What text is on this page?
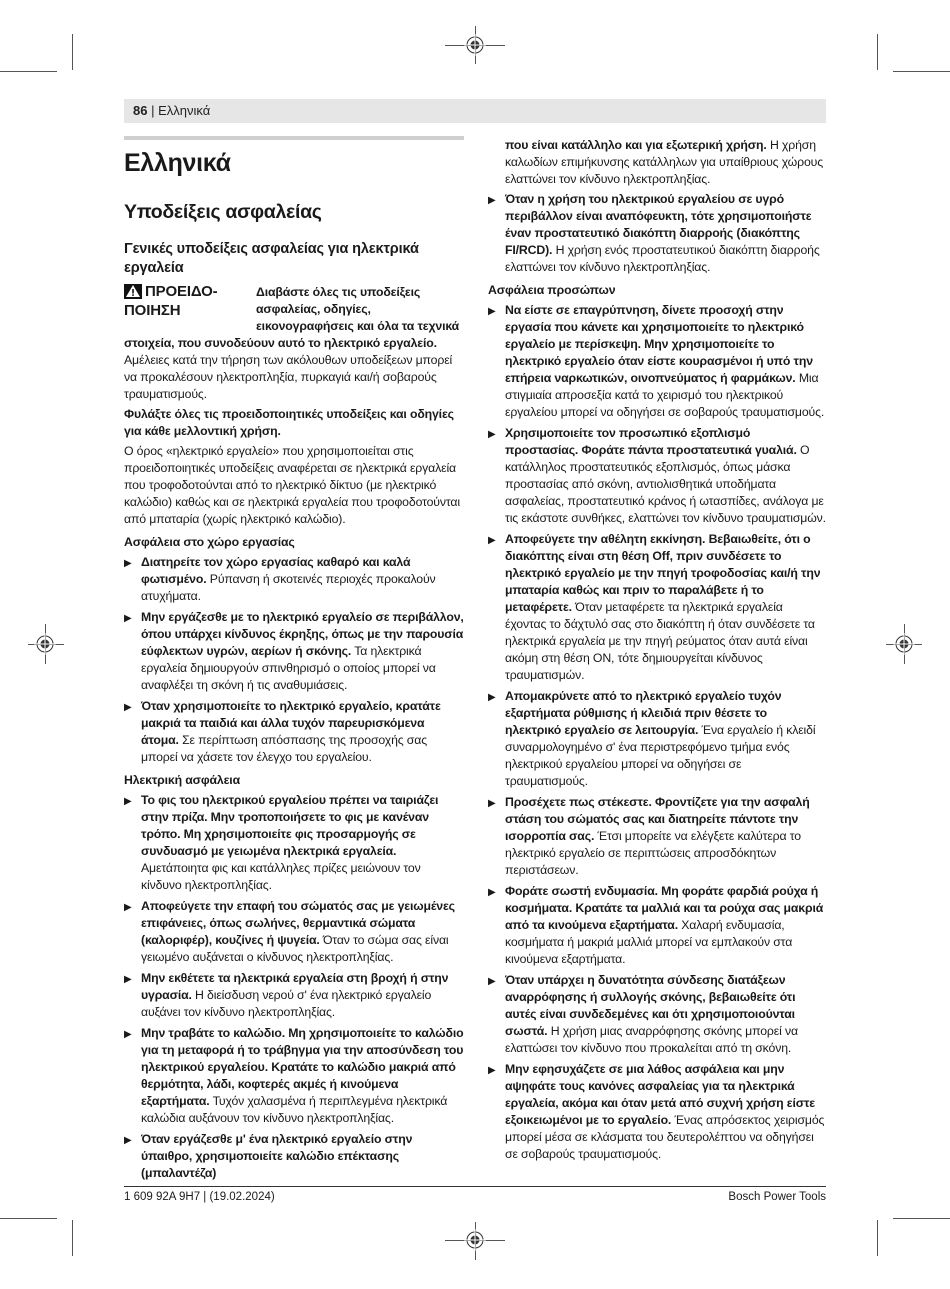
86 | Ελληνικά
Ελληνικά
Υποδείξεις ασφαλείας
Γενικές υποδείξεις ασφαλείας για ηλεκτρικά εργαλεία
ΠΡΟΕΙΔΟ-ΠΟΙΗΣΗ

Διαβάστε όλες τις υποδείξεις ασφαλείας, οδηγίες, εικονογραφήσεις και όλα τα τεχνικά στοιχεία, που συνοδεύουν αυτό το ηλεκτρικό εργαλείο. Αμέλειες κατά την τήρηση των ακόλουθων υποδείξεων μπορεί να προκαλέσουν ηλεκτροπληξία, πυρκαγιά και/ή σοβαρούς τραυματισμούς.

Φυλάξτε όλες τις προειδοποιητικές υποδείξεις και οδηγίες για κάθε μελλοντική χρήση.

Ο όρος «ηλεκτρικό εργαλείο» που χρησιμοποιείται στις προειδοποιητικές υποδείξεις αναφέρεται σε ηλεκτρικά εργαλεία που τροφοδοτούνται από το ηλεκτρικό δίκτυο (με ηλεκτρικό καλώδιο) καθώς και σε ηλεκτρικά εργαλεία που τροφοδοτούνται από μπαταρία (χωρίς ηλεκτρικό καλώδιο).

Ασφάλεια στο χώρο εργασίας
▶ Διατηρείτε τον χώρο εργασίας καθαρό και καλά φωτισμένο. Ρύπανση ή σκοτεινές περιοχές προκαλούν ατυχήματα.
▶ Μην εργάζεσθε με το ηλεκτρικό εργαλείο σε περιβάλλον, όπου υπάρχει κίνδυνος έκρηξης, όπως με την παρουσία εύφλεκτων υγρών, αερίων ή σκόνης. Τα ηλεκτρικά εργαλεία δημιουργούν σπινθηρισμό ο οποίος μπορεί να αναφλέξει τη σκόνη ή τις αναθυμιάσεις.
▶ Όταν χρησιμοποιείτε το ηλεκτρικό εργαλείο, κρατάτε μακριά τα παιδιά και άλλα τυχόν παρευρισκόμενα άτομα. Σε περίπτωση απόσπασης της προσοχής σας μπορεί να χάσετε τον έλεγχο του εργαλείου.
Ηλεκτρική ασφάλεια
▶ Το φις του ηλεκτρικού εργαλείου πρέπει να ταιριάζει στην πρίζα. Μην τροποποιήσετε το φις με κανέναν τρόπο. Μη χρησιμοποιείτε φις προσαρμογής σε συνδυασμό με γειωμένα ηλεκτρικά εργαλεία. Αμετάποιητα φις και κατάλληλες πρίζες μειώνουν τον κίνδυνο ηλεκτροπληξίας.
▶ Αποφεύγετε την επαφή του σώματός σας με γειωμένες επιφάνειες, όπως σωλήνες, θερμαντικά σώματα (καλοριφέρ), κουζίνες ή ψυγεία. Όταν το σώμα σας είναι γειωμένο αυξάνεται ο κίνδυνος ηλεκτροπληξίας.
▶ Μην εκθέτετε τα ηλεκτρικά εργαλεία στη βροχή ή στην υγρασία. Η διείσδυση νερού σ' ένα ηλεκτρικό εργαλείο αυξάνει τον κίνδυνο ηλεκτροπληξίας.
▶ Μην τραβάτε το καλώδιο. Μη χρησιμοποιείτε το καλώδιο για τη μεταφορά ή το τράβηγμα για την αποσύνδεση του ηλεκτρικού εργαλείου. Κρατάτε το καλώδιο μακριά από θερμότητα, λάδι, κοφτερές ακμές ή κινούμενα εξαρτήματα. Τυχόν χαλασμένα ή περιπλεγμένα ηλεκτρικά καλώδια αυξάνουν τον κίνδυνο ηλεκτροπληξίας.
▶ Όταν εργάζεσθε μ' ένα ηλεκτρικό εργαλείο στην ύπαιθρο, χρησιμοποιείτε καλώδιο επέκτασης (μπαλαντέζα)

που είναι κατάλληλο και για εξωτερική χρήση. Η χρήση καλωδίων επιμήκυνσης κατάλληλων για υπαίθριους χώρους ελαττώνει τον κίνδυνο ηλεκτροπληξίας.

▶ Όταν η χρήση του ηλεκτρικού εργαλείου σε υγρό περιβάλλον είναι αναπόφευκτη, τότε χρησιμοποιήστε έναν προστατευτικό διακόπτη διαρροής (διακόπτης FI/RCD). Η χρήση ενός προστατευτικού διακόπτη διαρροής ελαττώνει τον κίνδυνο ηλεκτροπληξίας.
Ασφάλεια προσώπων
▶ Να είστε σε επαγρύπνηση, δίνετε προσοχή στην εργασία που κάνετε και χρησιμοποιείτε το ηλεκτρικό εργαλείο με περίσκεψη. Μην χρησιμοποιείτε το ηλεκτρικό εργαλείο όταν είστε κουρασμένοι ή υπό την επήρεια ναρκωτικών, οινοπνεύματος ή φαρμάκων. Μια στιγμιαία απροσεξία κατά το χειρισμό του ηλεκτρικού εργαλείου μπορεί να οδηγήσει σε σοβαρούς τραυματισμούς.
▶ Χρησιμοποιείτε τον προσωπικό εξοπλισμό προστασίας. Φοράτε πάντα προστατευτικά γυαλιά. Ο κατάλληλος προστατευτικός εξοπλισμός, όπως μάσκα προστασίας από σκόνη, αντιολισθητικά υποδήματα ασφαλείας, προστατευτικό κράνος ή ωτασπίδες, ανάλογα με τις εκάστοτε συνθήκες, ελαττώνει τον κίνδυνο τραυματισμών.
▶ Αποφεύγετε την αθέλητη εκκίνηση. Βεβαιωθείτε, ότι ο διακόπτης είναι στη θέση Off, πριν συνδέσετε το ηλεκτρικό εργαλείο με την πηγή τροφοδοσίας και/ή την μπαταρία καθώς και πριν το παραλάβετε ή το μεταφέρετε. Όταν μεταφέρετε τα ηλεκτρικά εργαλεία έχοντας το δάχτυλό σας στο διακόπτη ή όταν συνδέσετε τα ηλεκτρικά εργαλεία με την πηγή ρεύματος όταν αυτά είναι ακόμη στη θέση ON, τότε δημιουργείται κίνδυνος τραυματισμών.
▶ Απομακρύνετε από το ηλεκτρικό εργαλείο τυχόν εξαρτήματα ρύθμισης ή κλειδιά πριν θέσετε το ηλεκτρικό εργαλείο σε λειτουργία. Ένα εργαλείο ή κλειδί συναρμολογημένο σ' ένα περιστρεφόμενο τμήμα ενός ηλεκτρικού εργαλείου μπορεί να οδηγήσει σε τραυματισμούς.
▶ Προσέχετε πως στέκεστε. Φροντίζετε για την ασφαλή στάση του σώματός σας και διατηρείτε πάντοτε την ισορροπία σας. Έτσι μπορείτε να ελέγξετε καλύτερα το ηλεκτρικό εργαλείο σε περιπτώσεις απροσδόκητων περιστάσεων.
▶ Φοράτε σωστή ενδυμασία. Μη φοράτε φαρδιά ρούχα ή κοσμήματα. Κρατάτε τα μαλλιά και τα ρούχα σας μακριά από τα κινούμενα εξαρτήματα. Χαλαρή ενδυμασία, κοσμήματα ή μακριά μαλλιά μπορεί να εμπλακούν στα κινούμενα εξαρτήματα.
▶ Όταν υπάρχει η δυνατότητα σύνδεσης διατάξεων αναρρόφησης ή συλλογής σκόνης, βεβαιωθείτε ότι αυτές είναι συνδεδεμένες και ότι χρησιμοποιούνται σωστά. Η χρήση μιας αναρρόφησης σκόνης μπορεί να ελαττώσει τον κίνδυνο που προκαλείται από τη σκόνη.
▶ Μην εφησυχάζετε σε μια λάθος ασφάλεια και μην αψηφάτε τους κανόνες ασφαλείας για τα ηλεκτρικά εργαλεία, ακόμα και όταν μετά από συχνή χρήση είστε εξοικειωμένοι με το εργαλείο. Ένας απρόσεκτος χειρισμός μπορεί μέσα σε κλάσματα του δευτερολέπτου να οδηγήσει σε σοβαρούς τραυματισμούς.
1 609 92A 9H7 | (19.02.2024)	Bosch Power Tools
